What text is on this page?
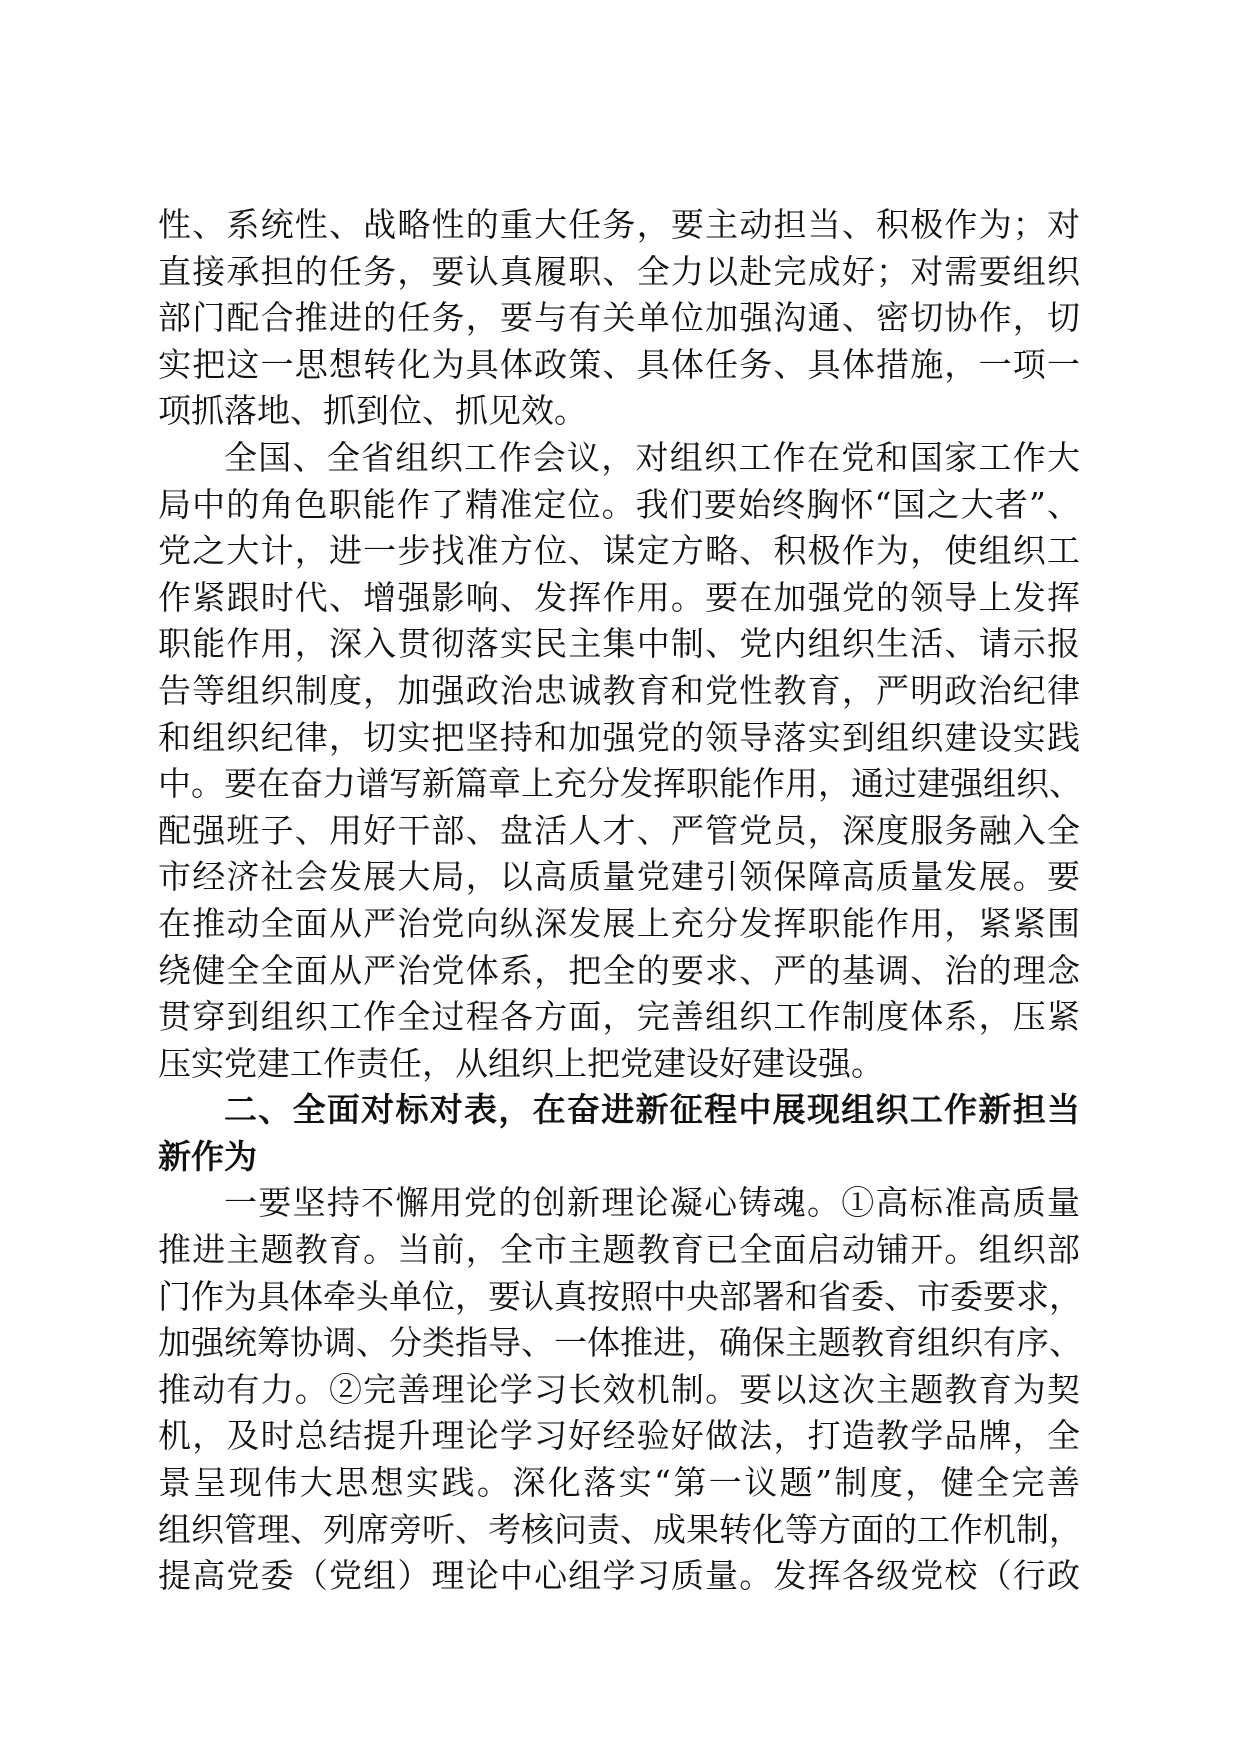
性、系统性、战略性的重大任务，要主动担当、积极作为；对
直接承担的任务，要认真履职、全力以赴完成好；对需要组织
部门配合推进的任务，要与有关单位加强沟通、密切协作，切
实把这一思想转化为具体政策、具体任务、具体措施，一项一
项抓落地、抓到位、抓见效。
全国、全省组织工作会议，对组织工作在党和国家工作大
局中的角色职能作了精准定位。我们要始终胸怀“国之大者”、
党之大计，进一步找准方位、谋定方略、积极作为，使组织工
作紧跟时代、增强影响、发挥作用。要在加强党的领导上发挥
职能作用，深入贯彻落实民主集中制、党内组织生活、请示报
告等组织制度，加强政治忠诚教育和党性教育，严明政治纪律
和组织纪律，切实把坚持和加强党的领导落实到组织建设实践
中。要在奋力谱写新篇章上充分发挥职能作用，通过建强组织、
配强班子、用好干部、盘活人才、严管党员，深度服务融入全
市经济社会发展大局，以高质量党建引领保障高质量发展。要
在推动全面从严治党向纵深发展上充分发挥职能作用，紧紧围
绕健全全面从严治党体系，把全的要求、严的基调、治的理念
贯穿到组织工作全过程各方面，完善组织工作制度体系，压紧
压实党建工作责任，从组织上把党建设好建设强。
二、全面对标对表，在奋进新征程中展现组织工作新担当
新作为
一要坚持不懈用党的创新理论凝心铸魂。①高标准高质量
推进主题教育。当前，全市主题教育已全面启动铺开。组织部
门作为具体牵头单位，要认真按照中央部署和省委、市委要求，
加强统筹协调、分类指导、一体推进，确保主题教育组织有序、
推动有力。②完善理论学习长效机制。要以这次主题教育为契
机，及时总结提升理论学习好经验好做法，打造教学品牌，全
景呈现伟大思想实践。深化落实“第一议题”制度，健全完善
组织管理、列席旁听、考核问责、成果转化等方面的工作机制，
提高党委（党组）理论中心组学习质量。发挥各级党校（行政
